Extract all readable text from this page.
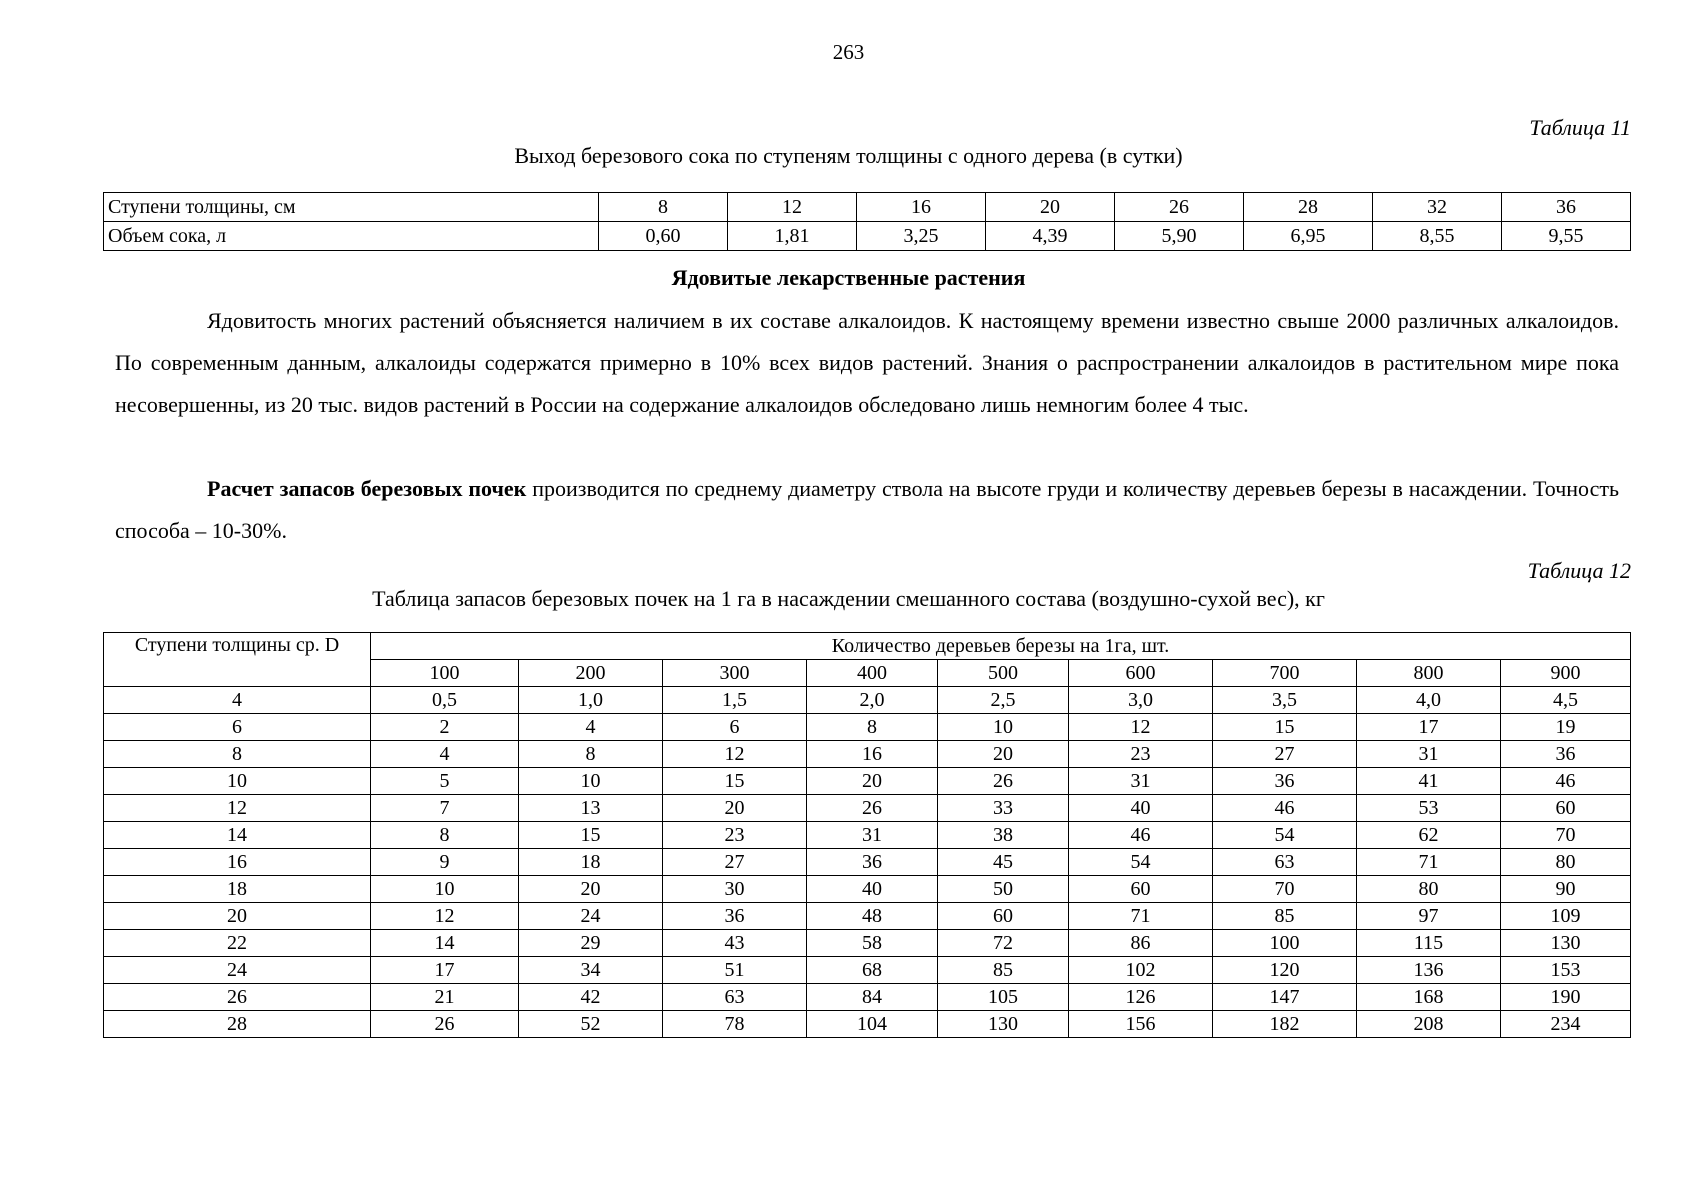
263
Таблица 11
Выход березового сока по ступеням толщины с одного дерева (в сутки)
Ступени толщины, см	8	12	16	20	26	28	32	36
Объем сока, л	0,60	1,81	3,25	4,39	5,90	6,95	8,55	9,55
Ядовитые лекарственные растения

Ядовитость многих растений объясняется наличием в их составе алкалоидов. К настоящему времени известно свыше 2000 различных алкалоидов. По современным данным, алкалоиды содержатся примерно в 10% всех видов растений. Знания о распространении алкалоидов в растительном мире пока несовершенны, из 20 тыс. видов растений в России на содержание алкалоидов обследовано лишь немногим более 4 тыс.

Расчет запасов березовых почек производится по среднему диаметру ствола на высоте груди и количеству деревьев березы в насаждении. Точность способа – 10-30%.

Таблица 12
Таблица запасов березовых почек на 1 га в насаждении смешанного состава (воздушно-сухой вес), кг
Ступени толщины ср. D	Количество деревьев березы на 1га, шт.								
	100	200	300	400	500	600	700	800	900
4	0,5	1,0	1,5	2,0	2,5	3,0	3,5	4,0	4,5
6	2	4	6	8	10	12	15	17	19
8	4	8	12	16	20	23	27	31	36
10	5	10	15	20	26	31	36	41	46
12	7	13	20	26	33	40	46	53	60
14	8	15	23	31	38	46	54	62	70
16	9	18	27	36	45	54	63	71	80
18	10	20	30	40	50	60	70	80	90
20	12	24	36	48	60	71	85	97	109
22	14	29	43	58	72	86	100	115	130
24	17	34	51	68	85	102	120	136	153
26	21	42	63	84	105	126	147	168	190
28	26	52	78	104	130	156	182	208	234
